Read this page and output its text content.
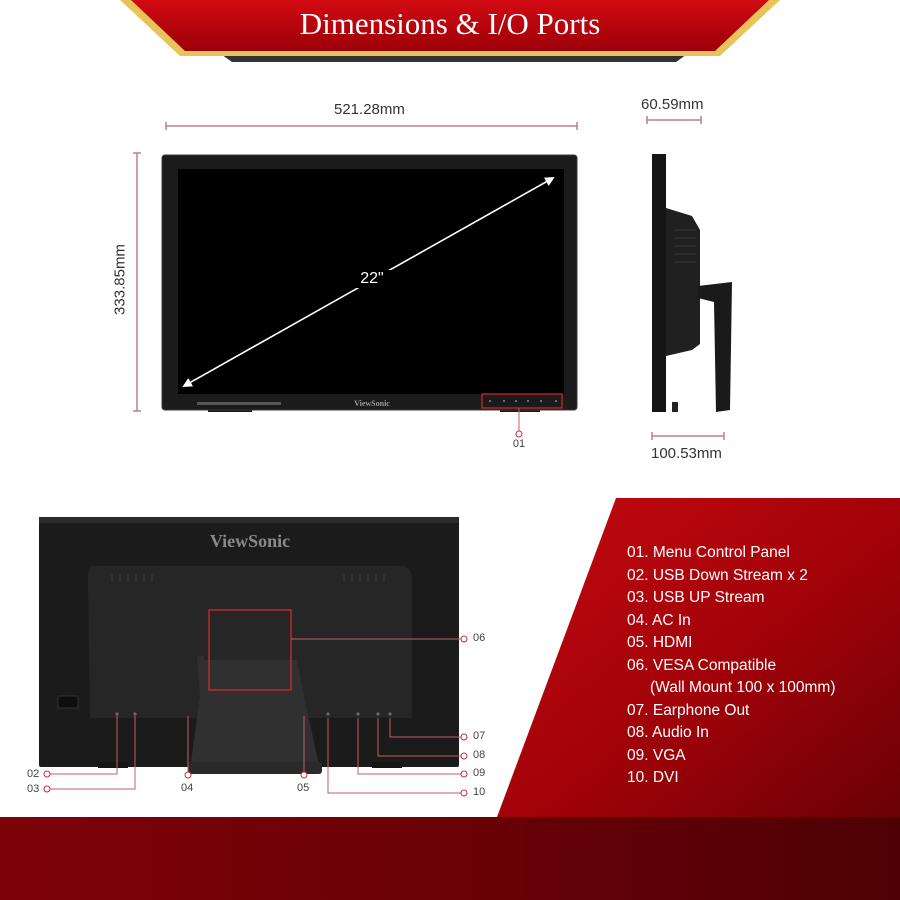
Dimensions & I/O Ports
521.28mm
333.85mm	22"
ViewSonic
01
60.59mm
100.53mm
ViewSonic
02
03	04	05
06
07
08
09
10
01. Menu Control Panel
02. USB Down Stream x 2
03. USB UP Stream
04. AC In
05. HDMI
06. VESA Compatible
(Wall Mount 100 x 100mm)
07. Earphone Out
08. Audio In
09. VGA
10. DVI
